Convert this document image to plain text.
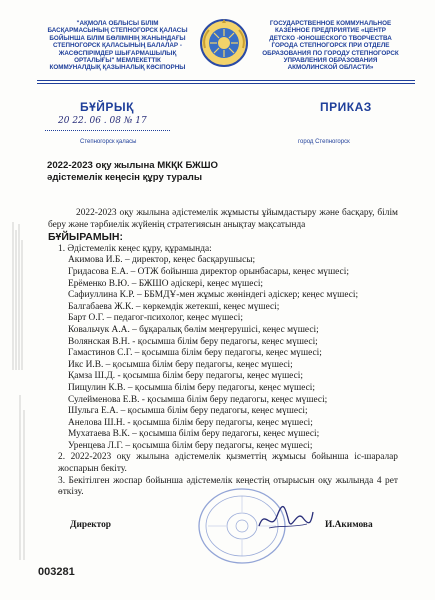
"АҚМОЛА ОБЛЫСЫ БІЛІМ
БАСҚАРМАСЫНЫҢ СТЕПНОГОРСК ҚАЛАСЫ
БОЙЫНША БІЛІМ БӨЛІМІНІҢ ЖАНЫНДАҒЫ
СТЕПНОГОРСК ҚАЛАСЫНЫҢ БАЛАЛАР -
ЖАСӨСПІРІМДЕР ШЫҒАРМАШЫЛЫҚ
ОРТАЛЫҒЫ" МЕМЛЕКЕТТІК
КОММУНАЛДЫҚ ҚАЗЫНАЛЫҚ КӘСІПОРНЫ
ГОСУДАРСТВЕННОЕ КОММУНАЛЬНОЕ
КАЗЕННОЕ ПРЕДПРИЯТИЕ «ЦЕНТР
ДЕТСКО -ЮНОШЕСКОГО ТВОРЧЕСТВА
ГОРОДА СТЕПНОГОРСК ПРИ ОТДЕЛЕ
ОБРАЗОВАНИЯ ПО ГОРОДУ СТЕПНОГОРСК
УПРАВЛЕНИЯ ОБРАЗОВАНИЯ
АКМОЛИНСКОЙ ОБЛАСТИ»
БҰЙРЫҚ	ПРИКАЗ
20 22. 06 . 08 № 17
Степногорск қаласы	город Степногорск
2022-2023 оқу жылына МКҚК БЖШО
әдістемелік кеңесін құру туралы

2022-2023 оқу жылына әдістемелік жұмысты ұйымдастыру және басқару, білім беру және тәрбиелік жүйенің стратегиясын анықтау мақсатында

БҰЙЫРАМЫН:

1. Әдістемелік кеңес құру, құрамында:

Акимова И.Б. – директор, кеңес басқарушысы;

Гридасова Е.А. – ОТЖ бойынша директор орынбасары, кеңес мүшесі;

Ерёменко В.Ю. – БЖШО әдіскері, кеңес мүшесі;

Сафиуллина К.Р. – ББМДҰ-мен жұмыс жөніндегі әдіскер; кеңес мүшесі;

Балгабаева Ж.К. – көркемдік жетекші, кеңес мүшесі;

Барт О.Г. – педагог-психолог, кеңес мүшесі;

Ковальчук А.А. – бұқаралық бөлім меңгерушісі, кеңес мүшесі;

Волянская В.Н. - қосымша білім беру педагогы, кеңес мүшесі;

Гамастинов С.Г. – қосымша білім беру педагогы, кеңес мүшесі;

Икс И.В. – қосымша білім беру педагогы, кеңес мүшесі;

Қамза Ш.Д. - қосымша білім беру педагогы, кеңес мүшесі;

Пищулин К.В. – қосымша білім беру педагогы, кеңес мүшесі;

Сулейменова Е.В. - қосымша білім беру педагогы, кеңес мүшесі;

Шульга Е.А. – қосымша білім беру педагогы, кеңес мүшесі;

Анелова Ш.Н. - қосымша білім беру педагогы, кеңес мүшесі;

Мухатаева В.К. – қосымша білім беру педагогы, кеңес мүшесі;

Уренцева Л.Г. – қосымша білім беру педагогы, кеңес мүшесі;

2. 2022-2023 оқу жылына әдістемелік қызметтің жұмысы бойынша іс-шаралар жоспарын бекіту.

3. Бекітілген жоспар бойынша әдістемелік кеңестің отырысын оқу жылында 4 рет өткізу.

Директор	И.Акимова
003281
